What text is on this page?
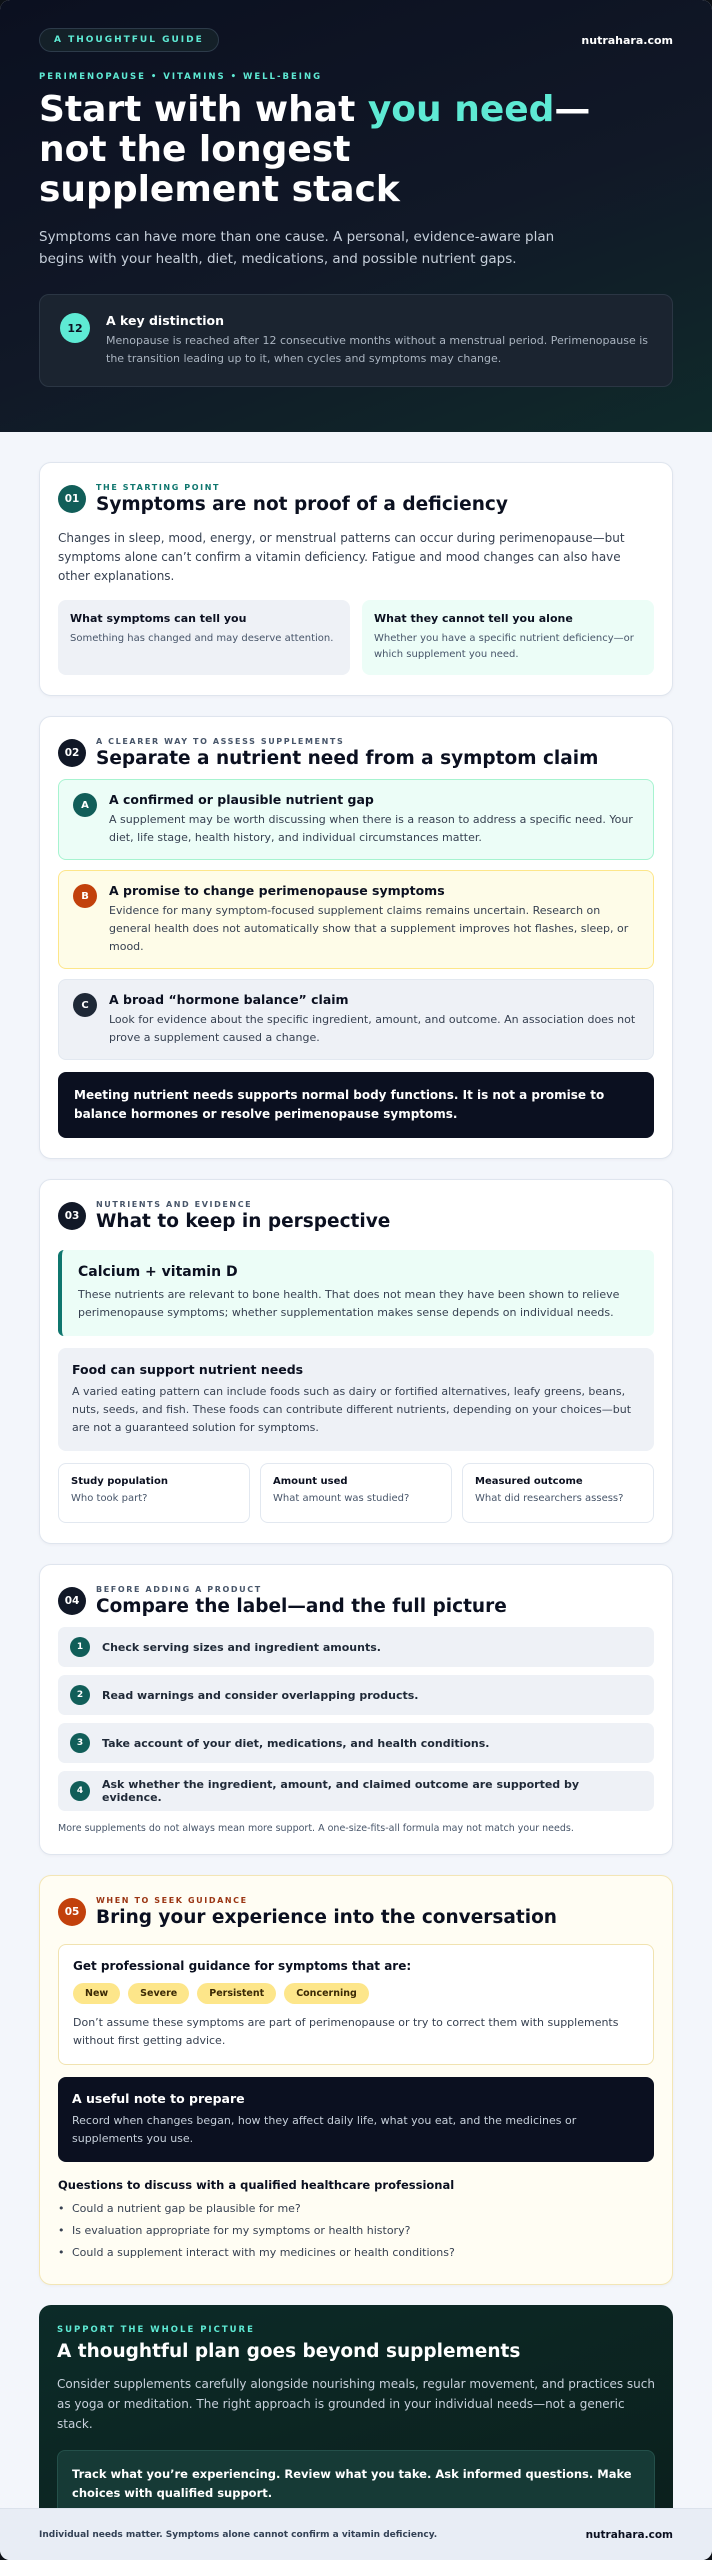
A THOUGHTFUL GUIDE	nutrahara.com
PERIMENOPAUSE • VITAMINS • WELL-BEING
Start with what you need—not the longest supplement stack

Symptoms can have more than one cause. A personal, evidence-aware plan begins with your health, diet, medications, and possible nutrient gaps.

12	A key distinction
Menopause is reached after 12 consecutive months without a menstrual period. Perimenopause is the transition leading up to it, when cycles and symptoms may change.
01
THE STARTING POINT
Symptoms are not proof of a deficiency

Changes in sleep, mood, energy, or menstrual patterns can occur during perimenopause—but symptoms alone can’t confirm a vitamin deficiency. Fatigue and mood changes can also have other explanations.

What symptoms can tell you
Something has changed and may deserve attention.
What they cannot tell you alone
Whether you have a specific nutrient deficiency—or which supplement you need.
02
A CLEARER WAY TO ASSESS SUPPLEMENTS
Separate a nutrient need from a symptom claim
A	A confirmed or plausible nutrient gap
A supplement may be worth discussing when there is a reason to address a specific need. Your diet, life stage, health history, and individual circumstances matter.
B	A promise to change perimenopause symptoms
Evidence for many symptom-focused supplement claims remains uncertain. Research on general health does not automatically show that a supplement improves hot flashes, sleep, or mood.
C	A broad “hormone balance” claim
Look for evidence about the specific ingredient, amount, and outcome. An association does not prove a supplement caused a change.
Meeting nutrient needs supports normal body functions. It is not a promise to balance hormones or resolve perimenopause symptoms.
03
NUTRIENTS AND EVIDENCE
What to keep in perspective
Calcium + vitamin D
These nutrients are relevant to bone health. That does not mean they have been shown to relieve perimenopause symptoms; whether supplementation makes sense depends on individual needs.
Food can support nutrient needs
A varied eating pattern can include foods such as dairy or fortified alternatives, leafy greens, beans, nuts, seeds, and fish. These foods can contribute different nutrients, depending on your choices—but are not a guaranteed solution for symptoms.
Study population
Who took part?
Amount used
What amount was studied?
Measured outcome
What did researchers assess?
04
BEFORE ADDING A PRODUCT
Compare the label—and the full picture
1	Check serving sizes and ingredient amounts.
2	Read warnings and consider overlapping products.
3	Take account of your diet, medications, and health conditions.
4	Ask whether the ingredient, amount, and claimed outcome are supported by evidence.
More supplements do not always mean more support. A one-size-fits-all formula may not match your needs.
05
WHEN TO SEEK GUIDANCE
Bring your experience into the conversation
Get professional guidance for symptoms that are:
New	Severe	Persistent	Concerning
Don’t assume these symptoms are part of perimenopause or try to correct them with supplements without first getting advice.
A useful note to prepare
Record when changes began, how they affect daily life, what you eat, and the medicines or supplements you use.
Questions to discuss with a qualified healthcare professional
• Could a nutrient gap be plausible for me?
• Is evaluation appropriate for my symptoms or health history?
• Could a supplement interact with my medicines or health conditions?
SUPPORT THE WHOLE PICTURE
A thoughtful plan goes beyond supplements
Consider supplements carefully alongside nourishing meals, regular movement, and practices such as yoga or meditation. The right approach is grounded in your individual needs—not a generic stack.
Track what you’re experiencing. Review what you take. Ask informed questions. Make choices with qualified support.
Individual needs matter. Symptoms alone cannot confirm a vitamin deficiency.	nutrahara.com
